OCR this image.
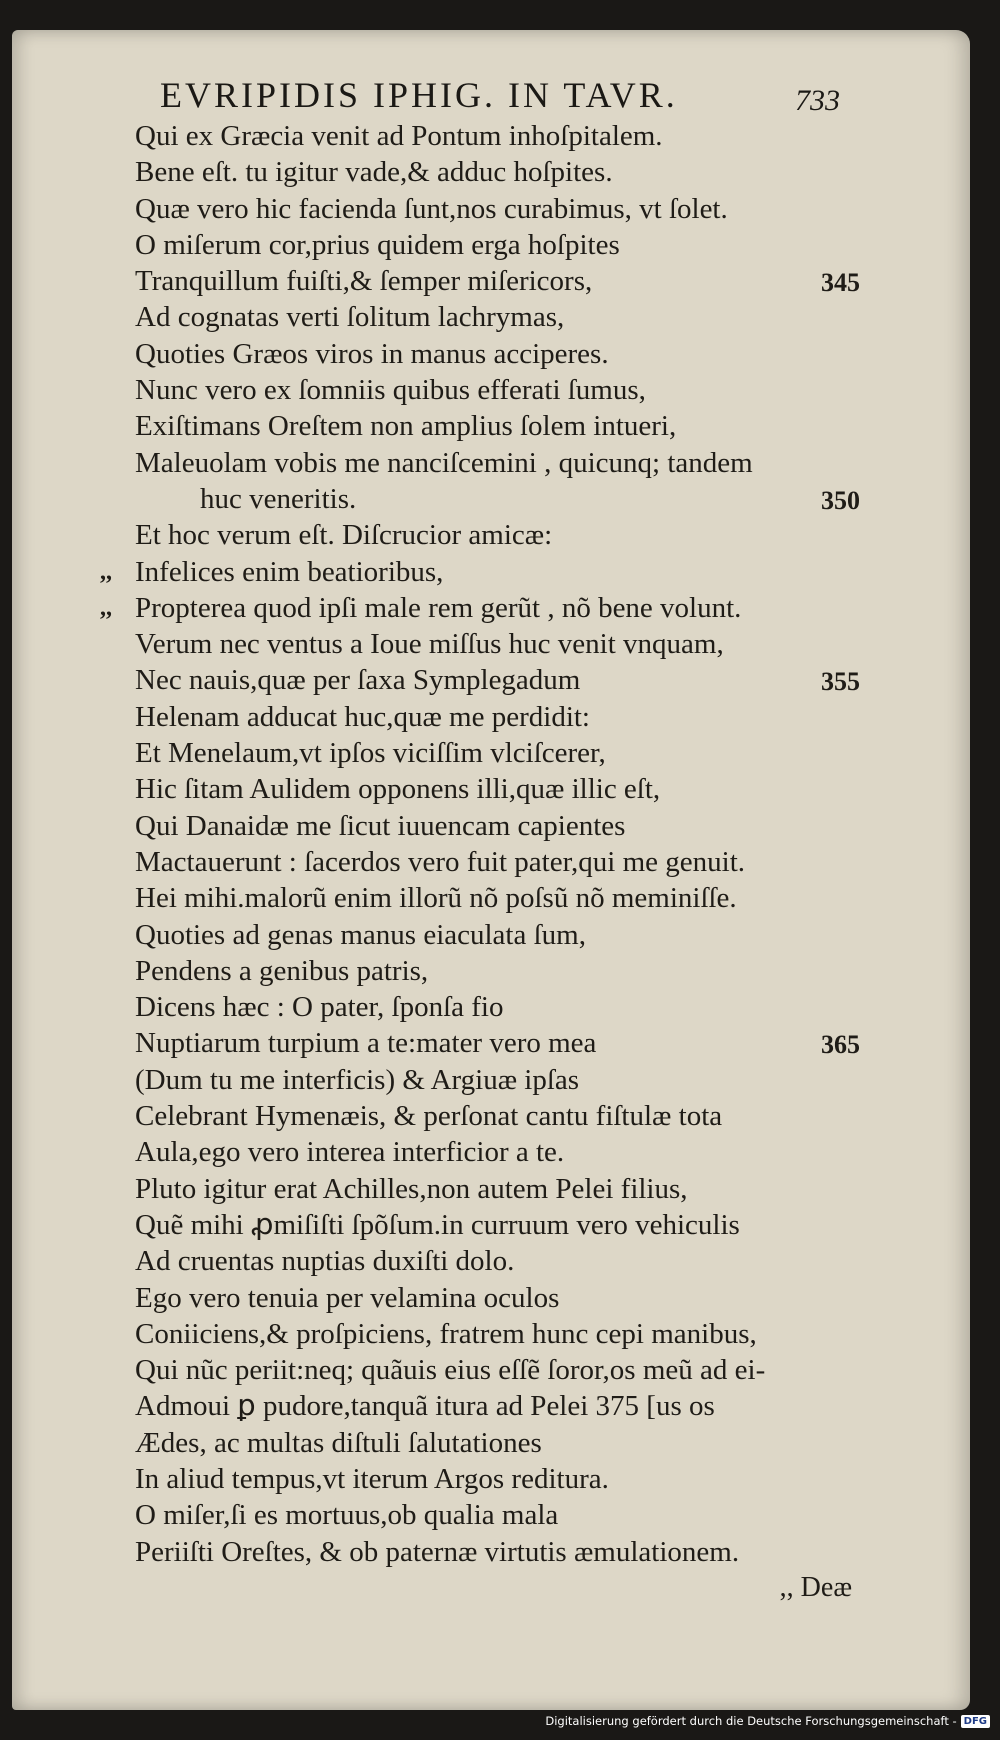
EVRIPIDIS IPHIG. IN TAVR.	733
Qui ex Græcia venit ad Pontum inhoſpitalem.
Bene eſt. tu igitur vade,& adduc hoſpites.
Quæ vero hic facienda ſunt,nos curabimus, vt ſolet.
O miſerum cor,prius quidem erga hoſpites
Tranquillum fuiſti,& ſemper miſericors,	345
Ad cognatas verti ſolitum lachrymas,
Quoties Græos viros in manus acciperes.
Nunc vero ex ſomniis quibus efferati ſumus,
Exiſtimans Oreſtem non amplius ſolem intueri,
Maleuolam vobis me nanciſcemini , quicunq; tandem
huc veneritis.	350
Et hoc verum eſt. Diſcrucior amicæ:
,, Infelices enim beatioribus,
,, Propterea quod ipſi male rem gerũt , nõ bene volunt.
Verum nec ventus a Ioue miſſus huc venit vnquam,
Nec nauis,quæ per ſaxa Symplegadum	355
Helenam adducat huc,quæ me perdidit:
Et Menelaum,vt ipſos viciſſim vlciſcerer,
Hic ſitam Aulidem opponens illi,quæ illic eſt,
Qui Danaidæ me ſicut iuuencam capientes
Mactauerunt : ſacerdos vero fuit pater,qui me genuit.
Hei mihi.malorũ enim illorũ nõ poſsũ nõ meminiſſe.
Quoties ad genas manus eiaculata ſum,
Pendens a genibus patris,
Dicens hæc : O pater, ſponſa fio
Nuptiarum turpium a te:mater vero mea	365
(Dum tu me interficis) & Argiuæ ipſas
Celebrant Hymenæis, & perſonat cantu fiſtulæ tota
Aula,ego vero interea interficior a te.
Pluto igitur erat Achilles,non autem Pelei filius,
Quẽ mihi ꝓmiſiſti ſpõſum.in curruum vero vehiculis
Ad cruentas nuptias duxiſti dolo.
Ego vero tenuia per velamina oculos
Coniiciens,& proſpiciens, fratrem hunc cepi manibus,
Qui nũc periit:neq; quãuis eius eſſẽ ſoror,os meũ ad ei-
Admoui ꝑ pudore,tanquã itura ad Pelei 375 [us os
Ædes, ac multas diſtuli ſalutationes
In aliud tempus,vt iterum Argos reditura.
O miſer,ſi es mortuus,ob qualia mala
Periiſti Oreſtes, & ob paternæ virtutis æmulationem.
,, Deæ
Digitalisierung gefördert durch die Deutsche Forschungsgemeinschaft - DFG
